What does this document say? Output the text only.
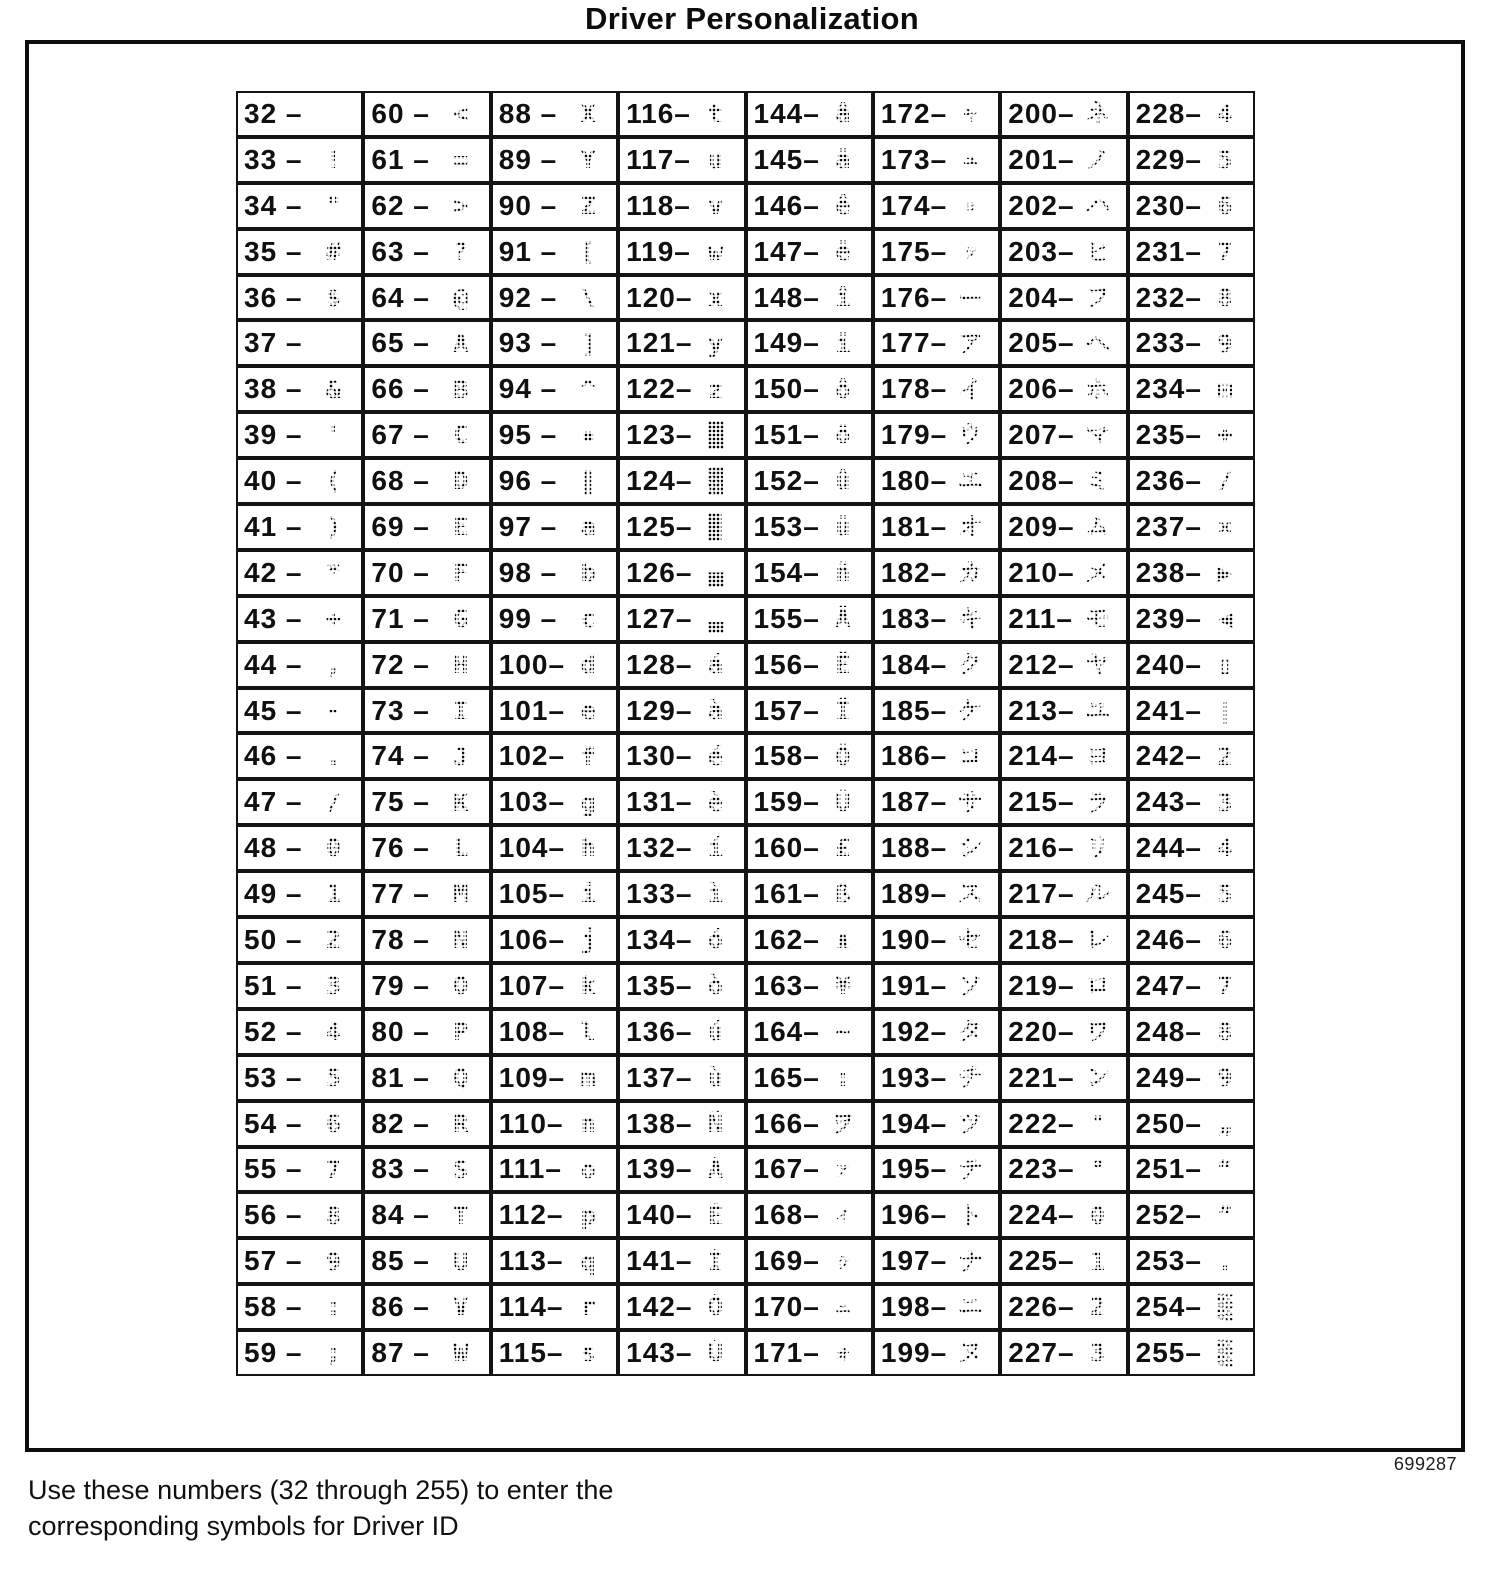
Driver Personalization
32 –
33 – !
34 – "
35 – #
36 – $
37 –
38 – &
39 – '
40 – (
41 – )
42 – *
43 – +
44 – ,
45 – -
46 – .
47 – /
48 – 0
49 – 1
50 – 2
51 – 3
52 – 4
53 – 5
54 – 6
55 – 7
56 – 8
57 – 9
58 – :
59 – ;
60 – <
61 – =
62 – >
63 – ?
64 – @
65 – A
66 – B
67 – C
68 – D
69 – E
70 – F
71 – G
72 – H
73 – I
74 – J
75 – K
76 – L
77 – M
78 – N
79 – O
80 – P
81 – Q
82 – R
83 – S
84 – T
85 – U
86 – V
87 – W
88 – X
89 – Y
90 – Z
91 – [
92 – \
93 – ]
94 – ^
95 – ▪
96 – ‖
97 – a
98 – b
99 – c
100– d
101– e
102– f
103– g
104– h
105– i
106– j
107– k
108– l
109– m
110– n
111– o
112– p
113– q
114– r
115– s
116– t
117– u
118– v
119– w
120– x
121– y
122– z
123– █
124– ▓
125– ▉
126– ▄
127– ▃
128– á
129– à
130– é
131– è
132– í
133– ì
134– ó
135– ò
136– ú
137– ù
138– Ñ
139– Á
140– É
141– Í
142– Ó
143– Ú
144– â
145– ä
146– ê
147– ë
148– î
149– ï
150– ô
151– ö
152– û
153– ü
154– ñ
155– Ä
156– Ë
157– Ï
158– Ö
159– Ü
160– £
161– ß
162– ∧
163– ¥
164– ~
165– :
166– ヲ
167– ァ
168– ィ
169– ゥ
170– ェ
171– ォ
172– ャ
173– ュ
174– ョ
175– ッ
176– ー
177– ア
178– イ
179– ウ
180– エ
181– オ
182– カ
183– キ
184– ク
185– ケ
186– コ
187– サ
188– シ
189– ス
190– セ
191– ソ
192– タ
193– チ
194– ツ
195– テ
196– ト
197– ナ
198– ニ
199– ヌ
200– ネ
201– ノ
202– ハ
203– ヒ
204– フ
205– ヘ
206– ホ
207– マ
208– ミ
209– ム
210– メ
211– モ
212– ヤ
213– ユ
214– ヨ
215– ラ
216– リ
217– ル
218– レ
219– ロ
220– ワ
221– ン
222– "
223– °
224– 0
225– 1
226– 2
227– 3
228– 4
229– 5
230– 6
231– 7
232– 8
233– 9
234– ⊡
235– ÷
236– /
237– ×
238– ▶
239– ◀
240– ▯
241– |
242– 2
243– 3
244– 4
245– 5
246– 6
247– 7
248– 8
249– 9
250– „
251– “
252– ”
253– .
254– ▒
255– ▒
699287
Use these numbers (32 through 255) to enter the
corresponding symbols for Driver ID
